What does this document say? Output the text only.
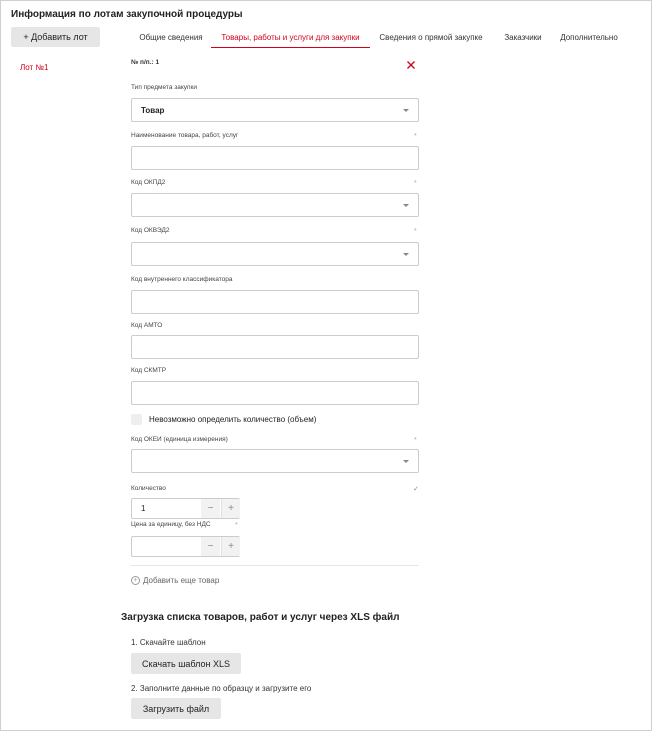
Информация по лотам закупочной процедуры
+ Добавить лот	Общие сведения	Товары, работы и услуги для закупки	Сведения о прямой закупке	Заказчики	Дополнительно
Лот №1
№ п/п.: 1
Тип предмета закупки
Товар
Наименование товара, работ, услуг	*
Код ОКПД2	*
Код ОКВЭД2	*
Код внутреннего классификатора
Код АМТО
Код СКМТР
Невозможно определить количество (объем)
Код ОКЕИ (единица измерения)	*
Количество	✓
1	−	+
Цена за единицу, без НДС	*
−	+
+ Добавить еще товар
Загрузка списка товаров, работ и услуг через XLS файл
1. Скачайте шаблон
Скачать шаблон XLS
2. Заполните данные по образцу и загрузите его
Загрузить файл
